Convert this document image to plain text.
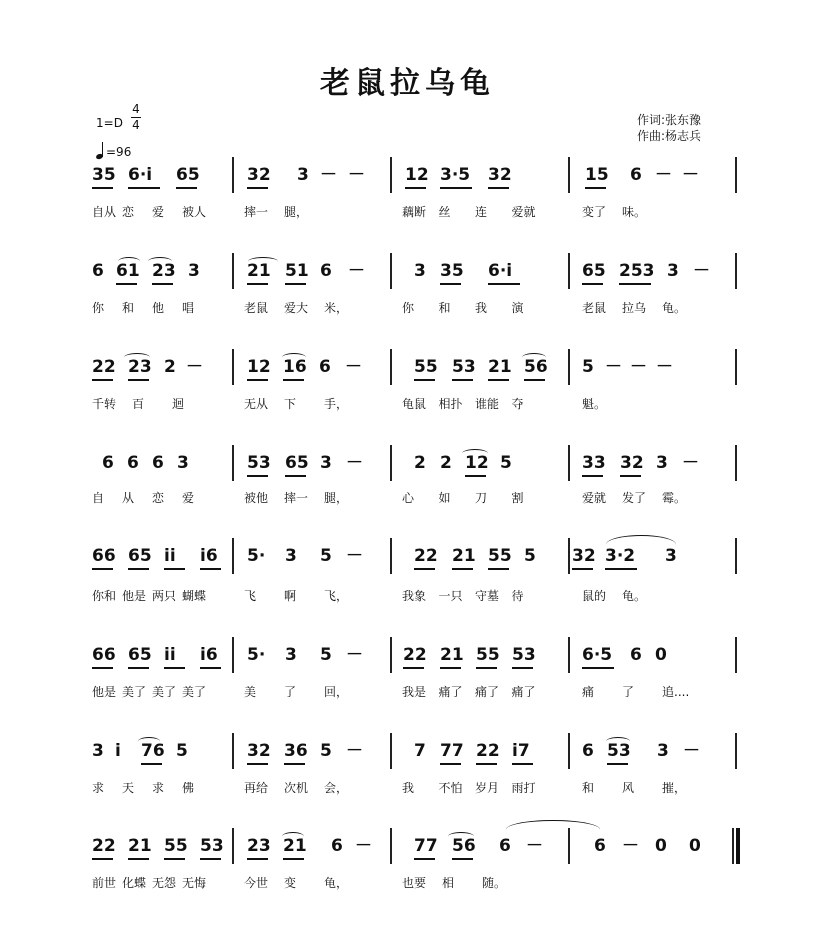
老鼠拉乌龟
1=D
4
4
=96
作词:张东豫
作曲:杨志兵
35 6·i 65	32 3 － － 12 3·5 32	15 6 － －
自从 恋 爱 被人	摔一 腿，	藕断 丝 连 爱就	变了 味。
6 61 23 3	21 51 6 －	3 35 6·i	65 253 3 －
你 和 他 唱	老鼠 爱大 米，	你 和 我 演	老鼠 拉乌 龟。
22 23 2 －	12 16 6 －	55 53 21 56 5 － － －
千转 百 迴	无从 下 手，	龟鼠 相扑 谁能 夺	魁。
6 6 6 3	53 65 3 －	2 2 12 5	33 32 3 －
自 从 恋 爱	被他 摔一 腿，	心 如 刀 割	爱就 发了 霉。
66 65 ii i6 5· 3 5 －	22 21 55 5 32 3·2 3
你和 他是 两只 蝴蝶	飞 啊 飞，	我象 一只 守墓 待	鼠的 龟。
66 65 ii i6 5· 3 5 － 22 21 55 53	6·5 6 0
他是 美了 美了 美了	美 了 回，	我是 痛了 痛了 痛了	痛 了 追....
3 i 76 5	32 36 5 －	7 77 22 i7	6 53 3 －
求 天 求 佛	再给 次机 会，	我 不怕 岁月 雨打	和 风 摧，
22 21 55 53 23 21 6 － 77 56 6 －	6 － 0 0
前世 化蝶 无怨 无悔	今世 变 龟，	也要 相 随。
